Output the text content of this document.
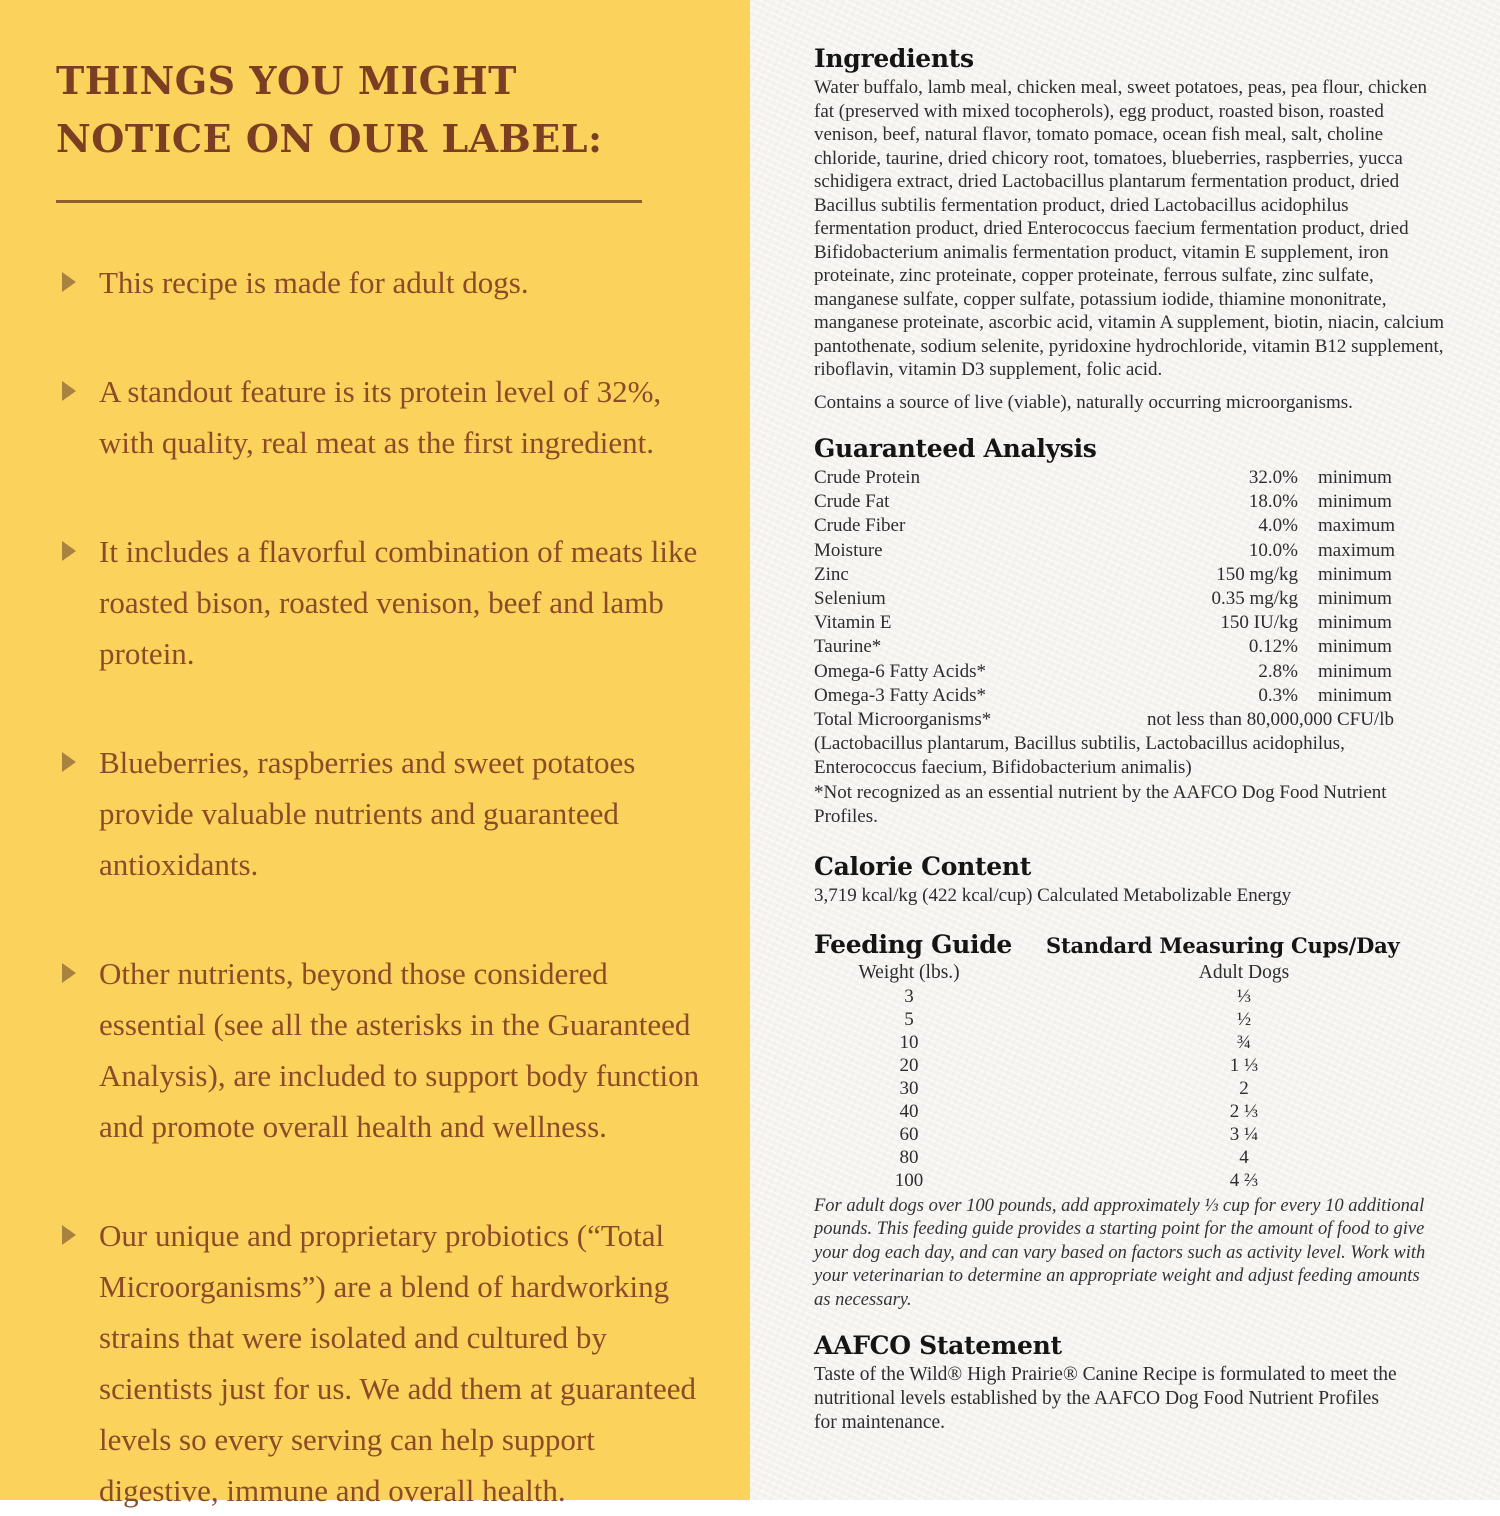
THINGS YOU MIGHT
NOTICE ON OUR LABEL:
This recipe is made for adult dogs.
A standout feature is its protein level of 32%, with quality, real meat as the first ingredient.
It includes a flavorful combination of meats like roasted bison, roasted venison, beef and lamb protein.
Blueberries, raspberries and sweet potatoes provide valuable nutrients and guaranteed antioxidants.
Other nutrients, beyond those considered essential (see all the asterisks in the Guaranteed Analysis), are included to support body function and promote overall health and wellness.
Our unique and proprietary probiotics (“Total Microorganisms”) are a blend of hardworking strains that were isolated and cultured by scientists just for us. We add them at guaranteed levels so every serving can help support digestive, immune and overall health.
Ingredients

Water buffalo, lamb meal, chicken meal, sweet potatoes, peas, pea flour, chicken fat (preserved with mixed tocopherols), egg product, roasted bison, roasted venison, beef, natural flavor, tomato pomace, ocean fish meal, salt, choline chloride, taurine, dried chicory root, tomatoes, blueberries, raspberries, yucca schidigera extract, dried Lactobacillus plantarum fermentation product, dried Bacillus subtilis fermentation product, dried Lactobacillus acidophilus fermentation product, dried Enterococcus faecium fermentation product, dried Bifidobacterium animalis fermentation product, vitamin E supplement, iron proteinate, zinc proteinate, copper proteinate, ferrous sulfate, zinc sulfate, manganese sulfate, copper sulfate, potassium iodide, thiamine mononitrate, manganese proteinate, ascorbic acid, vitamin A supplement, biotin, niacin, calcium pantothenate, sodium selenite, pyridoxine hydrochloride, vitamin B12 supplement, riboflavin, vitamin D3 supplement, folic acid.

Contains a source of live (viable), naturally occurring microorganisms.

Guaranteed Analysis
Crude Protein	32.0%	minimum
Crude Fat	18.0%	minimum
Crude Fiber	4.0%	maximum
Moisture	10.0%	maximum
Zinc	150 mg/kg	minimum
Selenium	0.35 mg/kg	minimum
Vitamin E	150 IU/kg	minimum
Taurine*	0.12%	minimum
Omega-6 Fatty Acids*	2.8%	minimum
Omega-3 Fatty Acids*	0.3%	minimum
Total Microorganisms*	not less than 80,000,000 CFU/lb

(Lactobacillus plantarum, Bacillus subtilis, Lactobacillus acidophilus, Enterococcus faecium, Bifidobacterium animalis)

*Not recognized as an essential nutrient by the AAFCO Dog Food Nutrient Profiles.

Calorie Content

3,719 kcal/kg (422 kcal/cup) Calculated Metabolizable Energy

Feeding Guide Standard Measuring Cups/Day
Weight (lbs.)	Adult Dogs
3	⅓
5	½
10	¾
20	1 ⅓
30	2
40	2 ⅓
60	3 ¼
80	4
100	4 ⅔

For adult dogs over 100 pounds, add approximately ⅓ cup for every 10 additional pounds. This feeding guide provides a starting point for the amount of food to give your dog each day, and can vary based on factors such as activity level. Work with your veterinarian to determine an appropriate weight and adjust feeding amounts as necessary.

AAFCO Statement

Taste of the Wild® High Prairie® Canine Recipe is formulated to meet the nutritional levels established by the AAFCO Dog Food Nutrient Profiles for maintenance.
